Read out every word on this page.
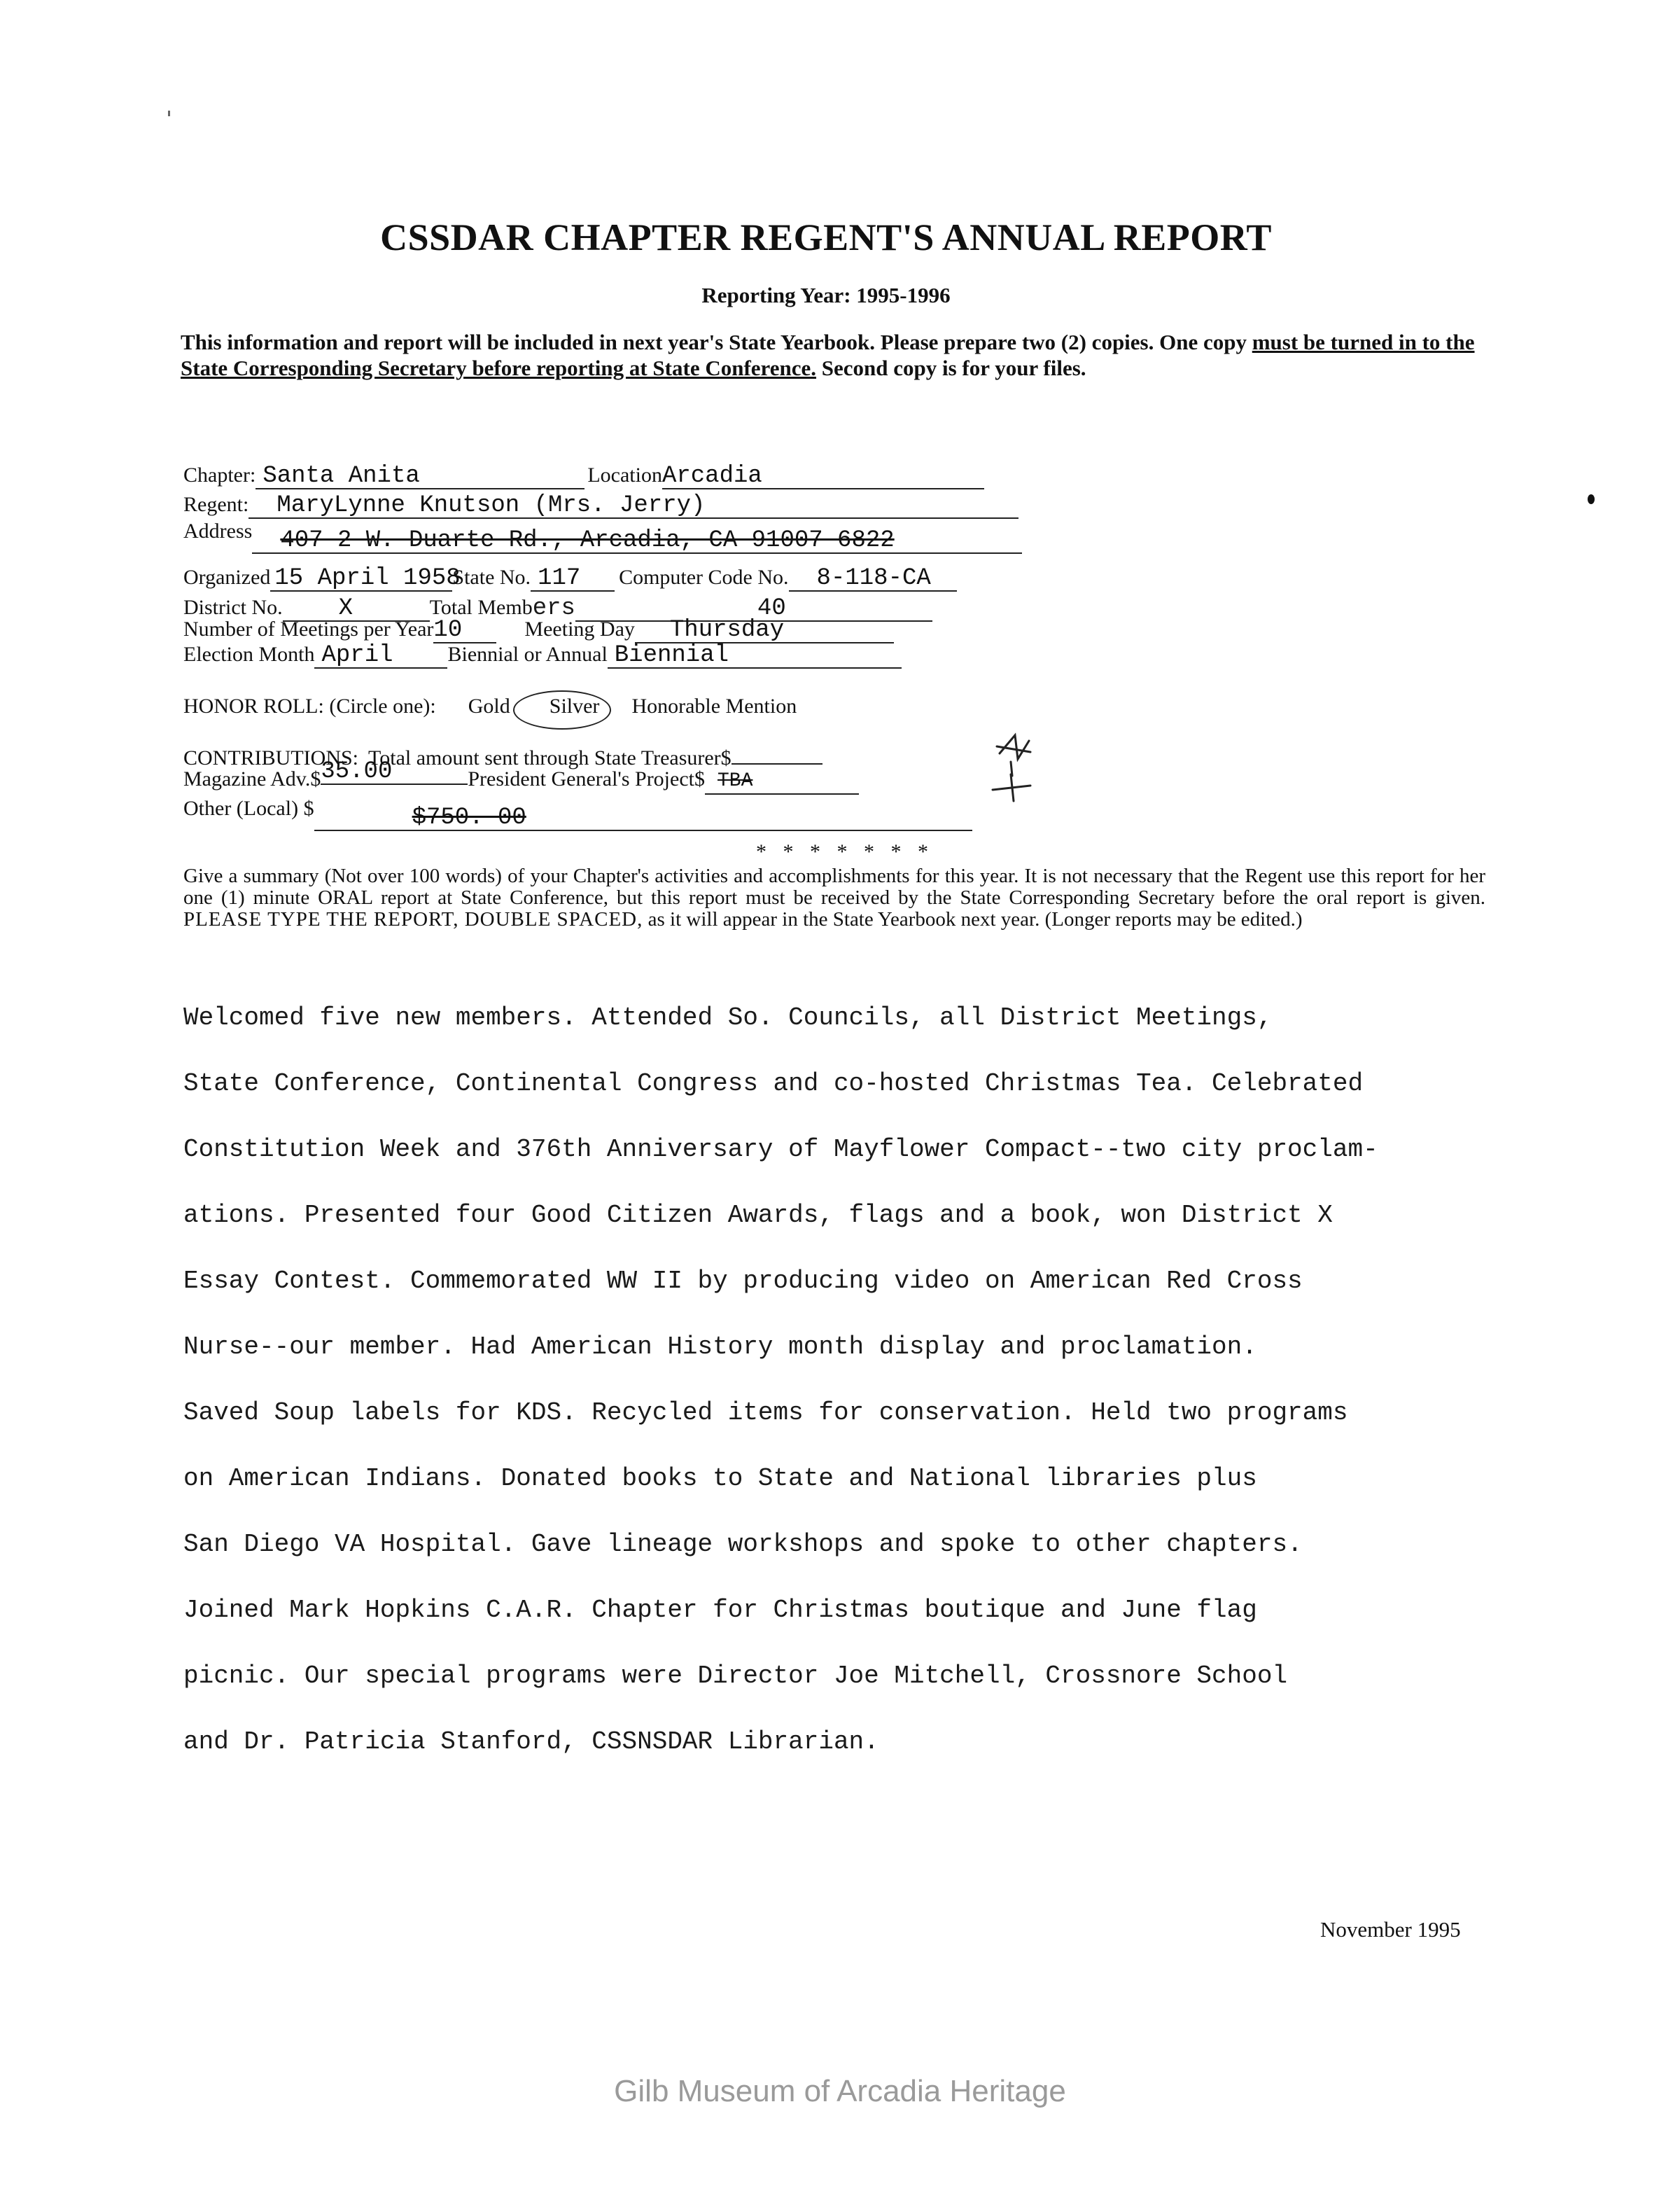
CSSDAR CHAPTER REGENT'S ANNUAL REPORT
Reporting Year: 1995-1996
This information and report will be included in next year's State Yearbook. Please prepare two (2) copies. One copy must be turned in to the State Corresponding Secretary before reporting at State Conference. Second copy is for your files.
Chapter: Santa Anita	LocationArcadia
Regent: MaryLynne Knutson (Mrs. Jerry)
Address 407-2 W. Duarte Rd., Arcadia, CA 91007-6822
Organized 15 April 1958State No. 117 Computer Code No. 8-118-CA
District No. X	Total Members	40
Number of Meetings per Year10	Meeting Day Thursday
Election Month April	Biennial or Annual Biennial
HONOR ROLL: (Circle one): Gold Silver Honorable Mention
CONTRIBUTIONS: Total amount sent through State Treasurer$
Magazine Adv.$35.00	President General's Project$ TBA
Other (Local) $	$750. 00
* * * * * * *
Give a summary (Not over 100 words) of your Chapter's activities and accomplishments for this year. It is not necessary that the Regent use this report for her one (1) minute ORAL report at State Conference, but this report must be received by the State Corresponding Secretary before the oral report is given. PLEASE TYPE THE REPORT, DOUBLE SPACED, as it will appear in the State Yearbook next year. (Longer reports may be edited.)
Welcomed five new members. Attended So. Councils, all District Meetings,
State Conference, Continental Congress and co-hosted Christmas Tea. Celebrated
Constitution Week and 376th Anniversary of Mayflower Compact--two city proclam-
ations. Presented four Good Citizen Awards, flags and a book, won District X
Essay Contest. Commemorated WW II by producing video on American Red Cross
Nurse--our member. Had American History month display and proclamation.
Saved Soup labels for KDS. Recycled items for conservation. Held two programs
on American Indians. Donated books to State and National libraries plus
San Diego VA Hospital. Gave lineage workshops and spoke to other chapters.
Joined Mark Hopkins C.A.R. Chapter for Christmas boutique and June flag
picnic. Our special programs were Director Joe Mitchell, Crossnore School
and Dr. Patricia Stanford, CSSNSDAR Librarian.
November 1995
Gilb Museum of Arcadia Heritage
